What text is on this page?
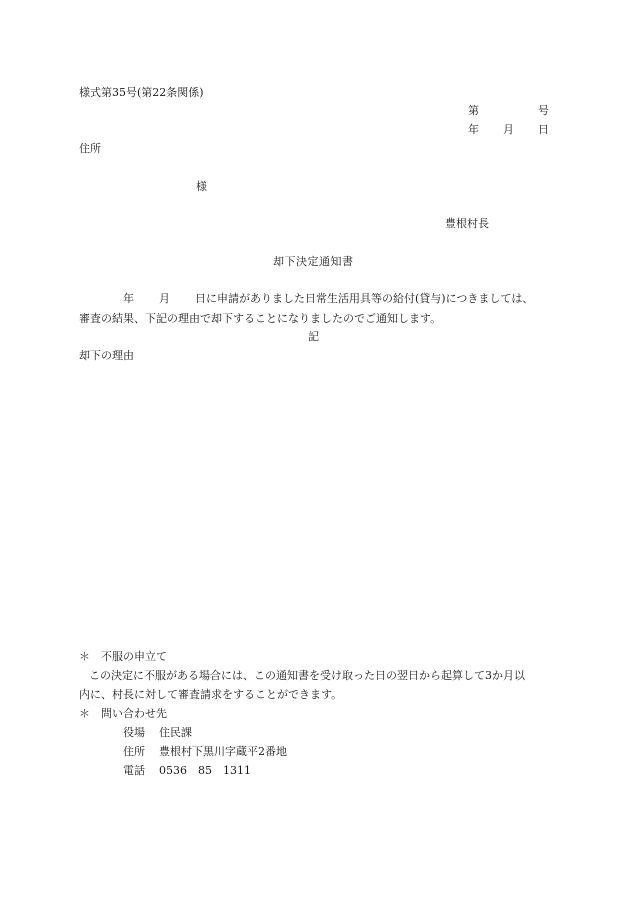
様式第35号(第22条関係)
第	号
年 月 日
住所
様
豊根村長
却下決定通知書
年 月 日に申請がありました日常生活用具等の給付(貸与)につきましては、
審査の結果、下記の理由で却下することになりましたのでご通知します。
記
却下の理由
＊　不服の申立て
この決定に不服がある場合には、この通知書を受け取った日の翌日から起算して3か月以
内に、村長に対して審査請求をすることができます。
＊　問い合わせ先
役場 住民課
住所 豊根村下黒川字蔵平2番地
電話 0536　85　1311
